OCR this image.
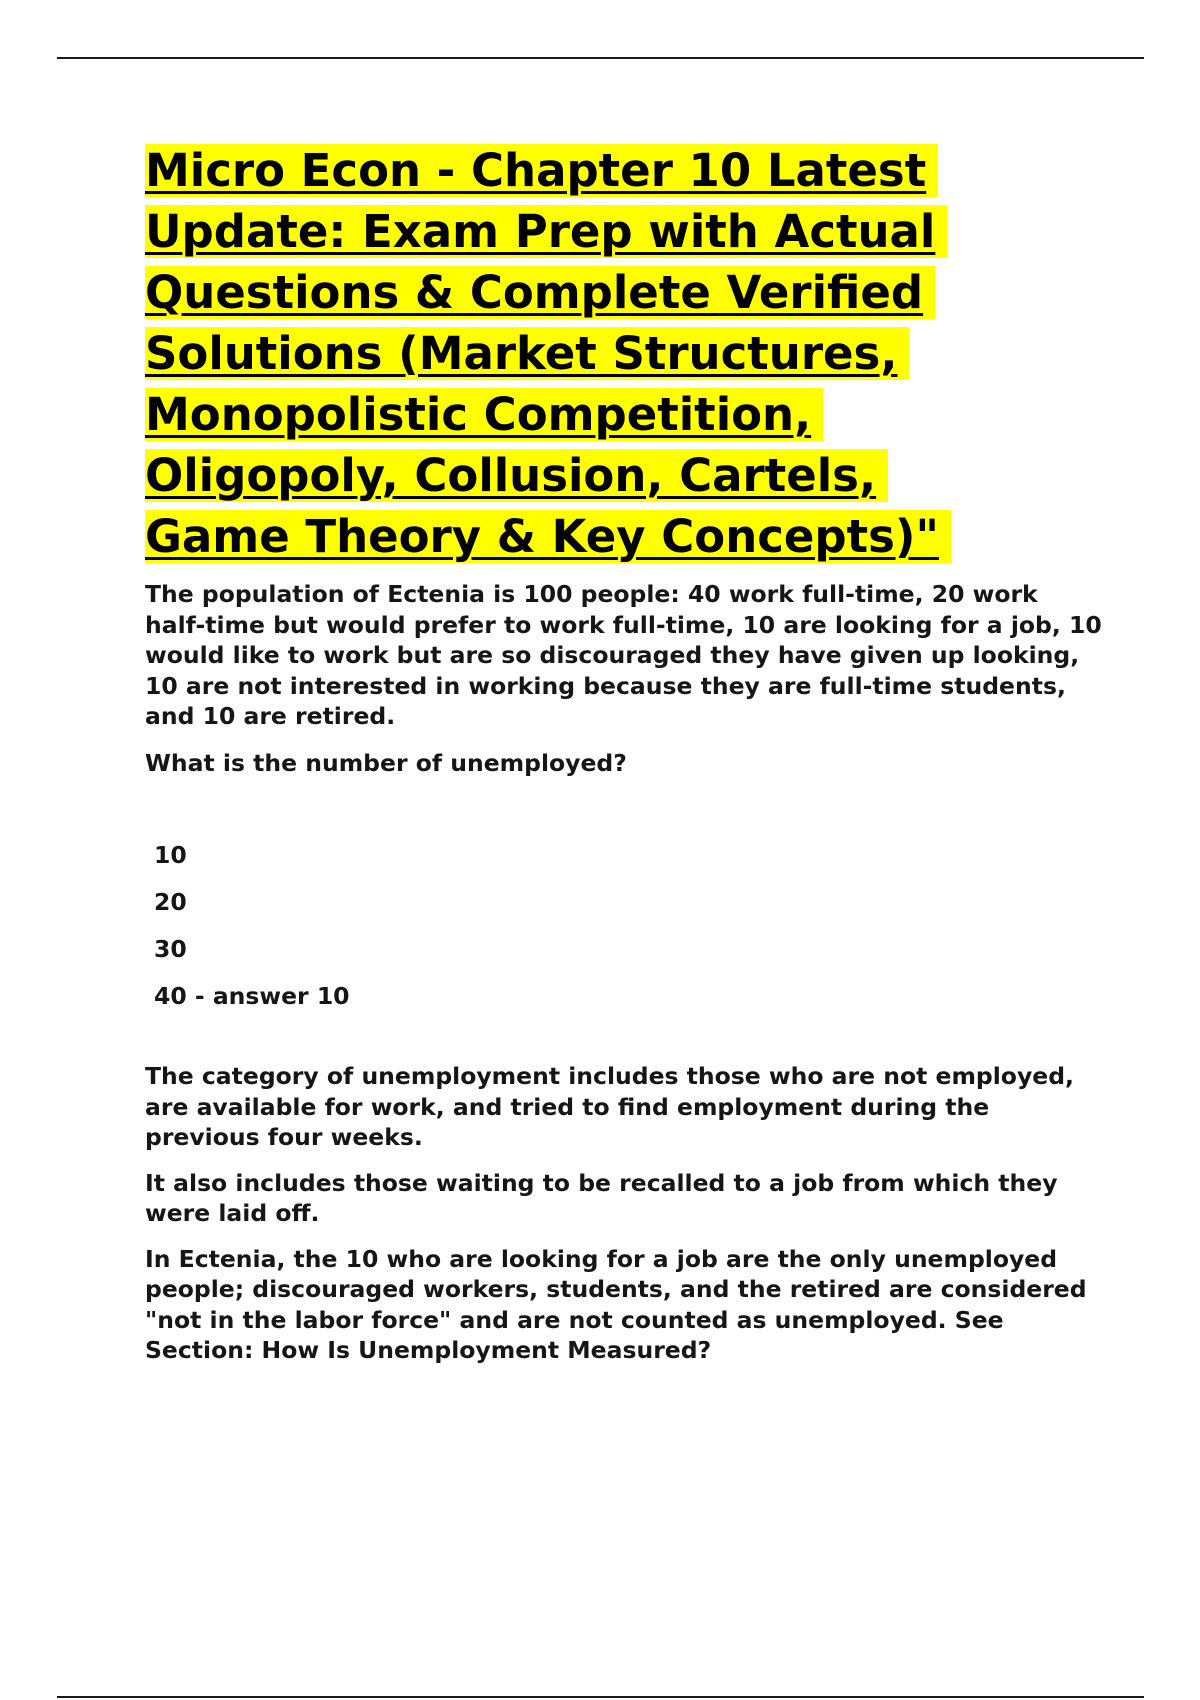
Micro Econ - Chapter 10 Latest
Update: Exam Prep with Actual
Questions & Complete Verified
Solutions (Market Structures,
Monopolistic Competition,
Oligopoly, Collusion, Cartels,
Game Theory & Key Concepts)"

The population of Ectenia is 100 people: 40 work full-time, 20 work half-time but would prefer to work full-time, 10 are looking for a job, 10 would like to work but are so discouraged they have given up looking, 10 are not interested in working because they are full-time students, and 10 are retired.

What is the number of unemployed?

10
20
30
40 - answer 10

The category of unemployment includes those who are not employed, are available for work, and tried to find employment during the previous four weeks.

It also includes those waiting to be recalled to a job from which they were laid off.

In Ectenia, the 10 who are looking for a job are the only unemployed people; discouraged workers, students, and the retired are considered "not in the labor force" and are not counted as unemployed. See Section: How Is Unemployment Measured?
